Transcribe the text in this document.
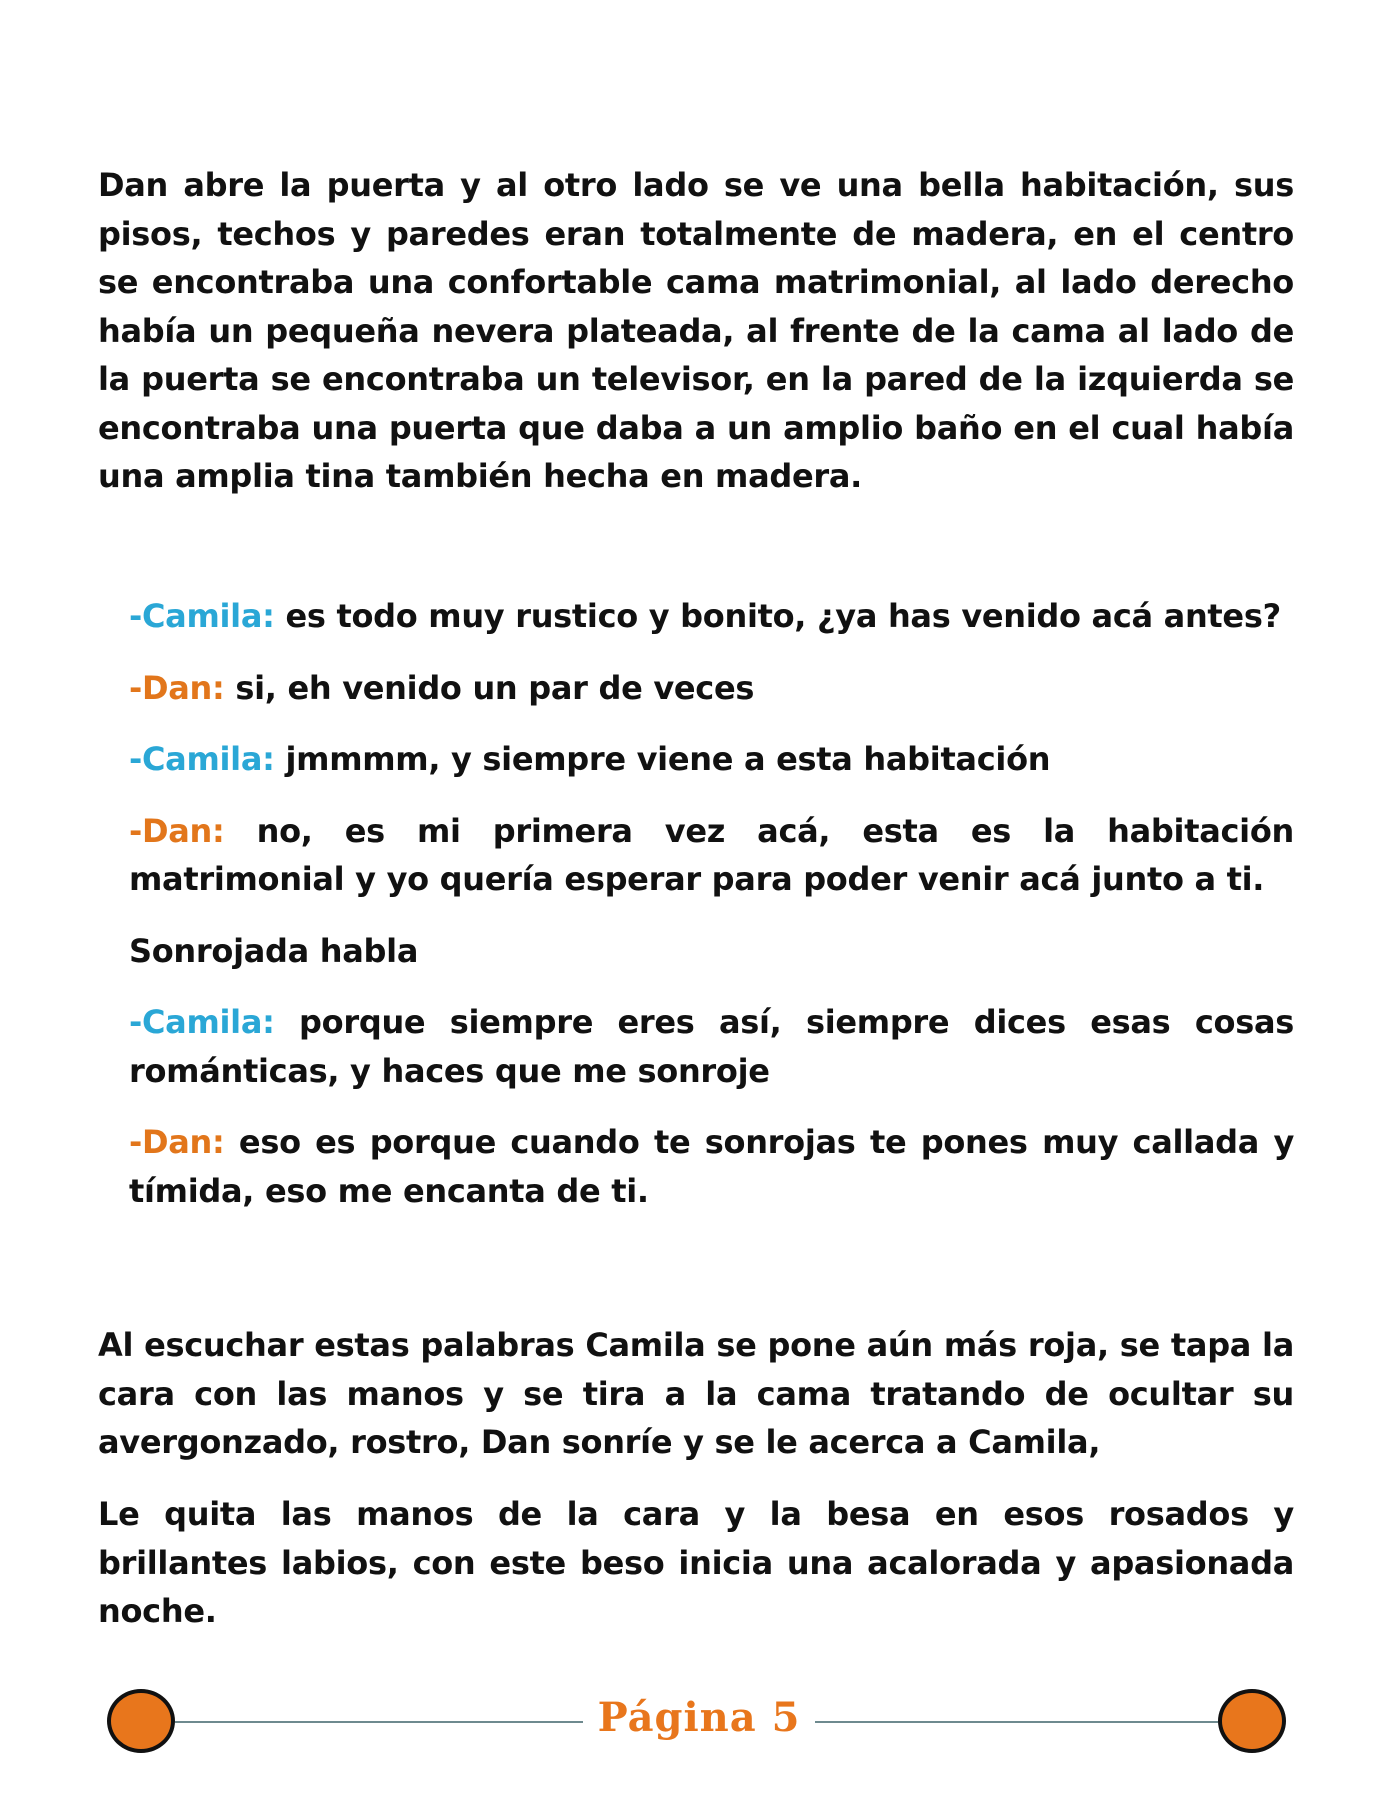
Dan abre la puerta y al otro lado se ve una bella habitación, sus pisos, techos y paredes eran totalmente de madera, en el centro se encontraba una confortable cama matrimonial, al lado derecho había un pequeña nevera plateada, al frente de la cama al lado de la puerta se encontraba un televisor, en la pared de la izquierda se encontraba una puerta que daba a un amplio baño en el cual había una amplia tina también hecha en madera.

-Camila: es todo muy rustico y bonito, ¿ya has venido acá antes?

-Dan: si, eh venido un par de veces

-Camila: jmmmm, y siempre viene a esta habitación

-Dan: no, es mi primera vez acá, esta es la habitación matrimonial y yo quería esperar para poder venir acá junto a ti.

Sonrojada habla

-Camila: porque siempre eres así, siempre dices esas cosas románticas, y haces que me sonroje

-Dan: eso es porque cuando te sonrojas te pones muy callada y tímida, eso me encanta de ti.

Al escuchar estas palabras Camila se pone aún más roja, se tapa la cara con las manos y se tira a la cama tratando de ocultar su avergonzado, rostro, Dan sonríe y se le acerca a Camila,

Le quita las manos de la cara y la besa en esos rosados y brillantes labios, con este beso inicia una acalorada y apasionada noche.

Página 5
